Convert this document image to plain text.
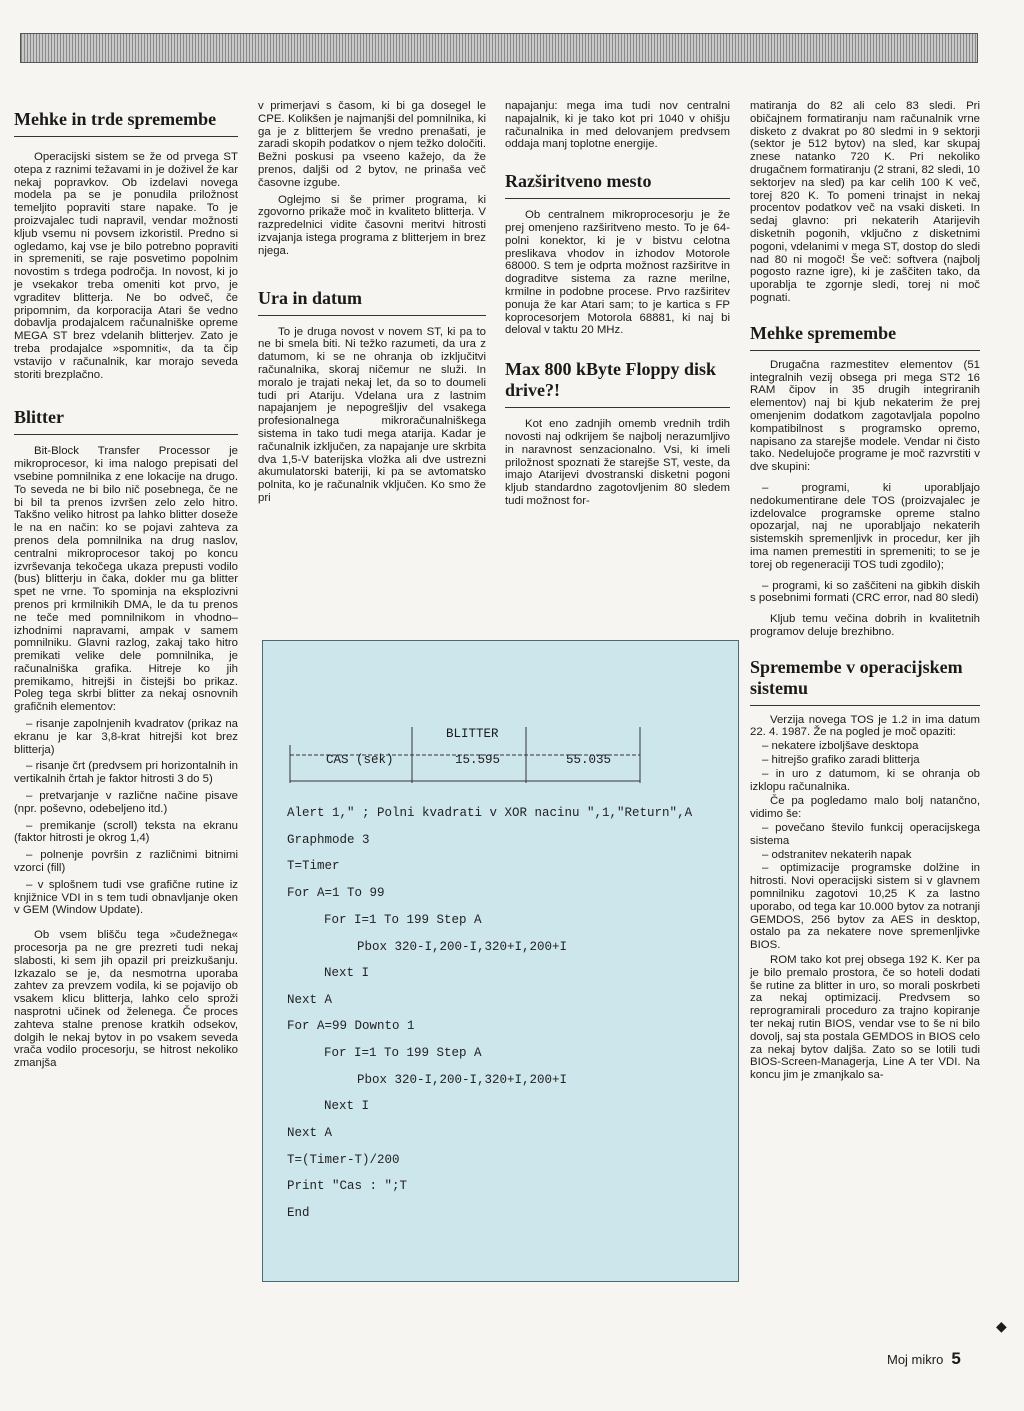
Mehke in trde spremembe

Operacijski sistem se že od prvega ST otepa z raznimi težavami in je doživel že kar nekaj popravkov. Ob izdelavi novega modela pa se je ponudila priložnost temeljito popraviti stare napake. To je proizvajalec tudi napravil, vendar možnosti kljub vsemu ni povsem izkoristil. Predno si ogledamo, kaj vse je bilo potrebno popraviti in spremeniti, se raje posvetimo popolnim novostim s trdega področja. In novost, ki jo je vsekakor treba omeniti kot prvo, je vgraditev blitterja. Ne bo odveč, če pripomnim, da korporacija Atari še vedno dobavlja prodajalcem računalniške opreme MEGA ST brez vdelanih blitterjev. Zato je treba prodajalce »spomniti«, da ta čip vstavijo v računalnik, kar morajo seveda storiti brezplačno.

Blitter

Bit-Block Transfer Processor je mikroprocesor, ki ima nalogo prepisati del vsebine pomnilnika z ene lokacije na drugo. To seveda ne bi bilo nič posebnega, če ne bi bil ta prenos izvršen zelo zelo hitro. Takšno veliko hitrost pa lahko blitter doseže le na en način: ko se pojavi zahteva za prenos dela pomnilnika na drug naslov, centralni mikroprocesor takoj po koncu izvrševanja tekočega ukaza prepusti vodilo (bus) blitterju in čaka, dokler mu ga blitter spet ne vrne. To spominja na eksplozivni prenos pri krmilnikih DMA, le da tu prenos ne teče med pomnilnikom in vhodno–izhodnimi napravami, ampak v samem pomnilniku. Glavni razlog, zakaj tako hitro premikati velike dele pomnilnika, je računalniška grafika. Hitreje ko jih premikamo, hitrejši in čistejši bo prikaz. Poleg tega skrbi blitter za nekaj osnovnih grafičnih elementov:

– risanje zapolnjenih kvadratov (prikaz na ekranu je kar 3,8-krat hitrejši kot brez blitterja)

– risanje črt (predvsem pri horizontalnih in vertikalnih črtah je faktor hitrosti 3 do 5)

– pretvarjanje v različne načine pisave (npr. poševno, odebeljeno itd.)

– premikanje (scroll) teksta na ekranu (faktor hitrosti je okrog 1,4)

– polnenje površin z različnimi bitnimi vzorci (fill)

– v splošnem tudi vse grafične rutine iz knjižnice VDI in s tem tudi obnavljanje oken v GEM (Window Update).

Ob vsem blišču tega »čudežnega« procesorja pa ne gre prezreti tudi nekaj slabosti, ki sem jih opazil pri preizkušanju. Izkazalo se je, da nesmotrna uporaba zahtev za prevzem vodila, ki se pojavijo ob vsakem klicu blitterja, lahko celo sproži nasprotni učinek od želenega. Če proces zahteva stalne prenose kratkih odsekov, dolgih le nekaj bytov in po vsakem seveda vrača vodilo procesorju, se hitrost nekoliko zmanjša

v primerjavi s časom, ki bi ga dosegel le CPE. Kolikšen je najmanjši del pomnilnika, ki ga je z blitterjem še vredno prenašati, je zaradi skopih podatkov o njem težko določiti. Bežni poskusi pa vseeno kažejo, da že prenos, daljši od 2 bytov, ne prinaša več časovne izgube.

Oglejmo si še primer programa, ki zgovorno prikaže moč in kvaliteto blitterja. V razpredelnici vidite časovni meritvi hitrosti izvajanja istega programa z blitterjem in brez njega.

Ura in datum

To je druga novost v novem ST, ki pa to ne bi smela biti. Ni težko razumeti, da ura z datumom, ki se ne ohranja ob izključitvi računalnika, skoraj ničemur ne služi. In moralo je trajati nekaj let, da so to doumeli tudi pri Atariju. Vdelana ura z lastnim napajanjem je nepogrešljiv del vsakega profesionalnega mikroračunalniškega sistema in tako tudi mega atarija. Kadar je računalnik izključen, za napajanje ure skrbita dva 1,5-V baterijska vložka ali dve ustrezni akumulatorski bateriji, ki pa se avtomatsko polnita, ko je računalnik vključen. Ko smo že pri

napajanju: mega ima tudi nov centralni napajalnik, ki je tako kot pri 1040 v ohišju računalnika in med delovanjem predvsem oddaja manj toplotne energije.

Razširitveno mesto

Ob centralnem mikroprocesorju je že prej omenjeno razširitveno mesto. To je 64-polni konektor, ki je v bistvu celotna preslikava vhodov in izhodov Motorole 68000. S tem je odprta možnost razširitve in dograditve sistema za razne merilne, krmilne in podobne procese. Prvo razširitev ponuja že kar Atari sam; to je kartica s FP koprocesorjem Motorola 68881, ki naj bi deloval v taktu 20 MHz.

Max 800 kByte Floppy disk drive?!

Kot eno zadnjih omemb vrednih trdih novosti naj odkrijem še najbolj nerazumljivo in naravnost senzacionalno. Vsi, ki imeli priložnost spoznati že starejše ST, veste, da imajo Atarijevi dvostranski disketni pogoni kljub standardno zagotovljenim 80 sledem tudi možnost for-

matiranja do 82 ali celo 83 sledi. Pri običajnem formatiranju nam računalnik vrne disketo z dvakrat po 80 sledmi in 9 sektorji (sektor je 512 bytov) na sled, kar skupaj znese natanko 720 K. Pri nekoliko drugačnem formatiranju (2 strani, 82 sledi, 10 sektorjev na sled) pa kar celih 100 K več, torej 820 K. To pomeni trinajst in nekaj procentov podatkov več na vsaki disketi. In sedaj glavno: pri nekaterih Atarijevih disketnih pogonih, vključno z disketnimi pogoni, vdelanimi v mega ST, dostop do sledi nad 80 ni mogoč! Še več: softvera (najbolj pogosto razne igre), ki je zaščiten tako, da uporablja te zgornje sledi, torej ni moč pognati.

Mehke spremembe

Drugačna razmestitev elementov (51 integralnih vezij obsega pri mega ST2 16 RAM čipov in 35 drugih integriranih elementov) naj bi kjub nekaterim že prej omenjenim dodatkom zagotavljala popolno kompatibilnost s programsko opremo, napisano za starejše modele. Vendar ni čisto tako. Nedelujoče programe je moč razvrstiti v dve skupini:

– programi, ki uporabljajo nedokumentirane dele TOS (proizvajalec je izdelovalce programske opreme stalno opozarjal, naj ne uporabljajo nekaterih sistemskih spremenljivk in procedur, ker jih ima namen premestiti in spremeniti; to se je torej ob regeneraciji TOS tudi zgodilo);

– programi, ki so zaščiteni na gibkih diskih s posebnimi formati (CRC error, nad 80 sledi)

Kljub temu večina dobrih in kvalitetnih programov deluje brezhibno.

Spremembe v operacijskem sistemu

Verzija novega TOS je 1.2 in ima datum 22. 4. 1987. Že na pogled je moč opaziti:

– nekatere izboljšave desktopa

– hitrejšo grafiko zaradi blitterja

– in uro z datumom, ki se ohranja ob izklopu računalnika.

Če pa pogledamo malo bolj natančno, vidimo še:

– povečano število funkcij operacijskega sistema

– odstranitev nekaterih napak

– optimizacije programske dolžine in hitrosti. Novi operacijski sistem si v glavnem pomnilniku zagotovi 10,25 K za lastno uporabo, od tega kar 10.000 bytov za notranji GEMDOS, 256 bytov za AES in desktop, ostalo pa za nekatere nove spremenljivke BIOS.

ROM tako kot prej obsega 192 K. Ker pa je bilo premalo prostora, če so hoteli dodati še rutine za blitter in uro, so morali poskrbeti za nekaj optimizacij. Predvsem so reprogramirali proceduro za trajno kopiranje ter nekaj rutin BIOS, vendar vse to še ni bilo dovolj, saj sta postala GEMDOS in BIOS celo za nekaj bytov daljša. Zato so se lotili tudi BIOS-Screen-Managerja, Line A ter VDI. Na koncu jim je zmanjkalo sa-

Alert 1," ; Polni kvadrati v XOR nacinu ",1,"Return",A
Graphmode 3
T=Timer
For A=1 To 99
For I=1 To 199 Step A
Pbox 320-I,200-I,320+I,200+I
Next I
Next A
For A=99 Downto 1
For I=1 To 199 Step A
Pbox 320-I,200-I,320+I,200+I
Next I
Next A
T=(Timer-T)/200
Print "Cas : ";T
End
BLITTER
CAS (sek)	15.595	55.035
Moj mikro 5
◆
